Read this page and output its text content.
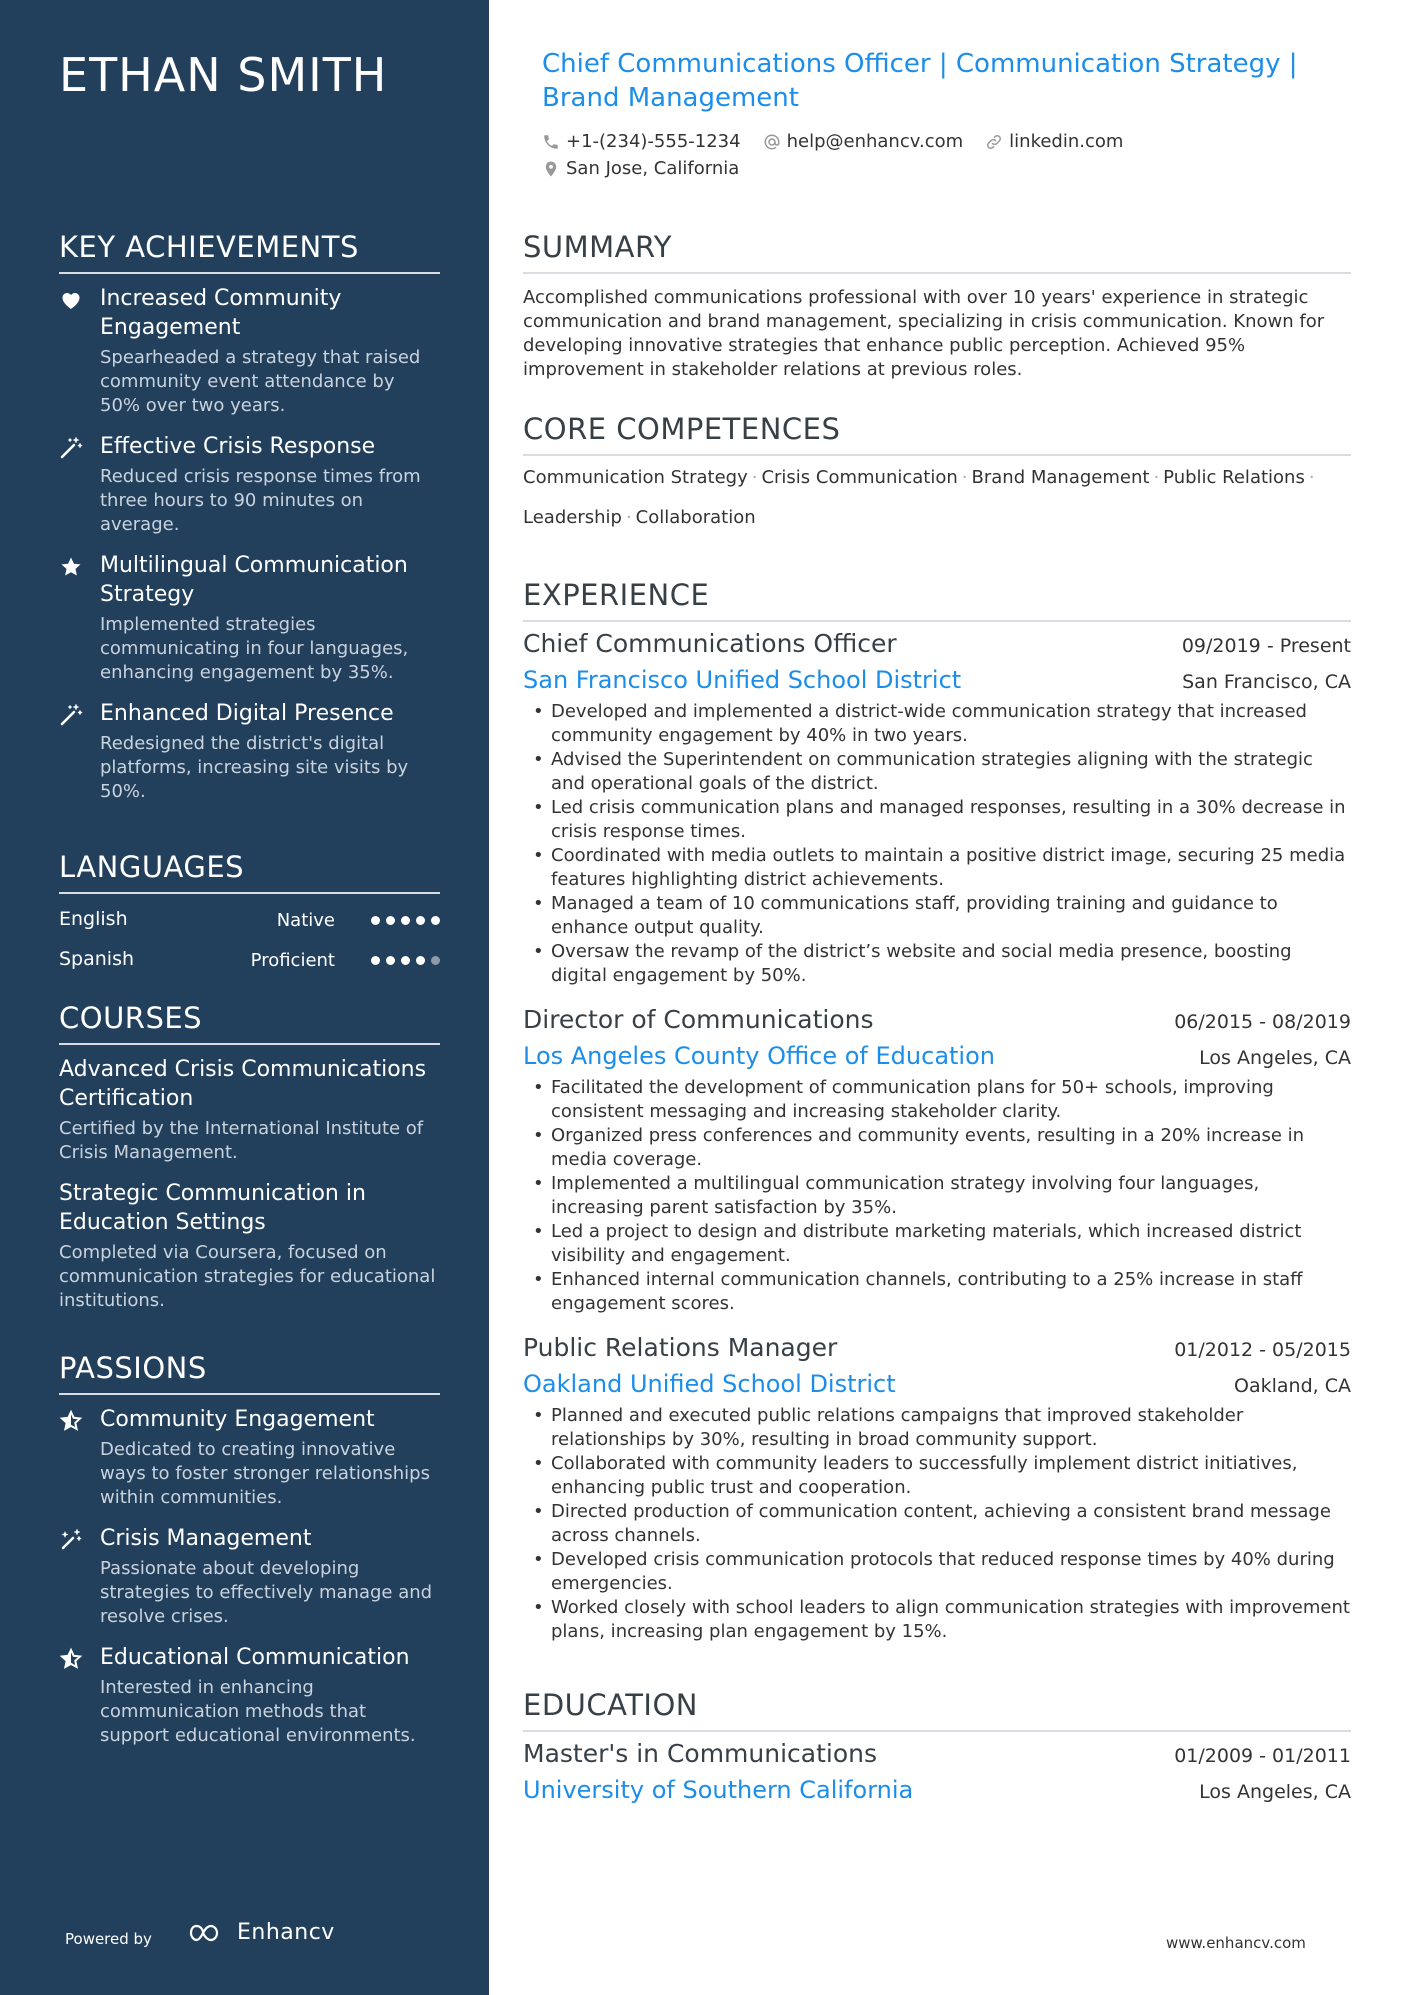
ETHAN SMITH
KEY ACHIEVEMENTS
Increased Community Engagement
Spearheaded a strategy that raised community event attendance by 50% over two years.
Effective Crisis Response
Reduced crisis response times from three hours to 90 minutes on average.
Multilingual Communication Strategy
Implemented strategies communicating in four languages, enhancing engagement by 35%.
Enhanced Digital Presence
Redesigned the district's digital platforms, increasing site visits by 50%.
LANGUAGES
English	Native
Spanish	Proficient
COURSES
Advanced Crisis Communications Certification
Certified by the International Institute of Crisis Management.
Strategic Communication in Education Settings
Completed via Coursera, focused on communication strategies for educational institutions.
PASSIONS
Community Engagement
Dedicated to creating innovative ways to foster stronger relationships within communities.
Crisis Management
Passionate about developing strategies to effectively manage and resolve crises.
Educational Communication
Interested in enhancing communication methods that support educational environments.
Powered by	Enhancv
Chief Communications Officer | Communication Strategy | Brand Management
+1-(234)-555-1234	help@enhancv.com	linkedin.com
San Jose, California
SUMMARY
Accomplished communications professional with over 10 years' experience in strategic communication and brand management, specializing in crisis communication. Known for developing innovative strategies that enhance public perception. Achieved 95% improvement in stakeholder relations at previous roles.
CORE COMPETENCES
Communication Strategy · Crisis Communication · Brand Management · Public Relations ·
Leadership · Collaboration
EXPERIENCE
Chief Communications Officer	09/2019 - Present
San Francisco Unified School District	San Francisco, CA
• Developed and implemented a district-wide communication strategy that increased community engagement by 40% in two years.
• Advised the Superintendent on communication strategies aligning with the strategic and operational goals of the district.
• Led crisis communication plans and managed responses, resulting in a 30% decrease in crisis response times.
• Coordinated with media outlets to maintain a positive district image, securing 25 media features highlighting district achievements.
• Managed a team of 10 communications staff, providing training and guidance to enhance output quality.
• Oversaw the revamp of the district’s website and social media presence, boosting digital engagement by 50%.
Director of Communications	06/2015 - 08/2019
Los Angeles County Office of Education	Los Angeles, CA
• Facilitated the development of communication plans for 50+ schools, improving consistent messaging and increasing stakeholder clarity.
• Organized press conferences and community events, resulting in a 20% increase in media coverage.
• Implemented a multilingual communication strategy involving four languages, increasing parent satisfaction by 35%.
• Led a project to design and distribute marketing materials, which increased district visibility and engagement.
• Enhanced internal communication channels, contributing to a 25% increase in staff engagement scores.
Public Relations Manager	01/2012 - 05/2015
Oakland Unified School District	Oakland, CA
• Planned and executed public relations campaigns that improved stakeholder relationships by 30%, resulting in broad community support.
• Collaborated with community leaders to successfully implement district initiatives, enhancing public trust and cooperation.
• Directed production of communication content, achieving a consistent brand message across channels.
• Developed crisis communication protocols that reduced response times by 40% during emergencies.
• Worked closely with school leaders to align communication strategies with improvement plans, increasing plan engagement by 15%.
EDUCATION
Master's in Communications	01/2009 - 01/2011
University of Southern California	Los Angeles, CA
www.enhancv.com
